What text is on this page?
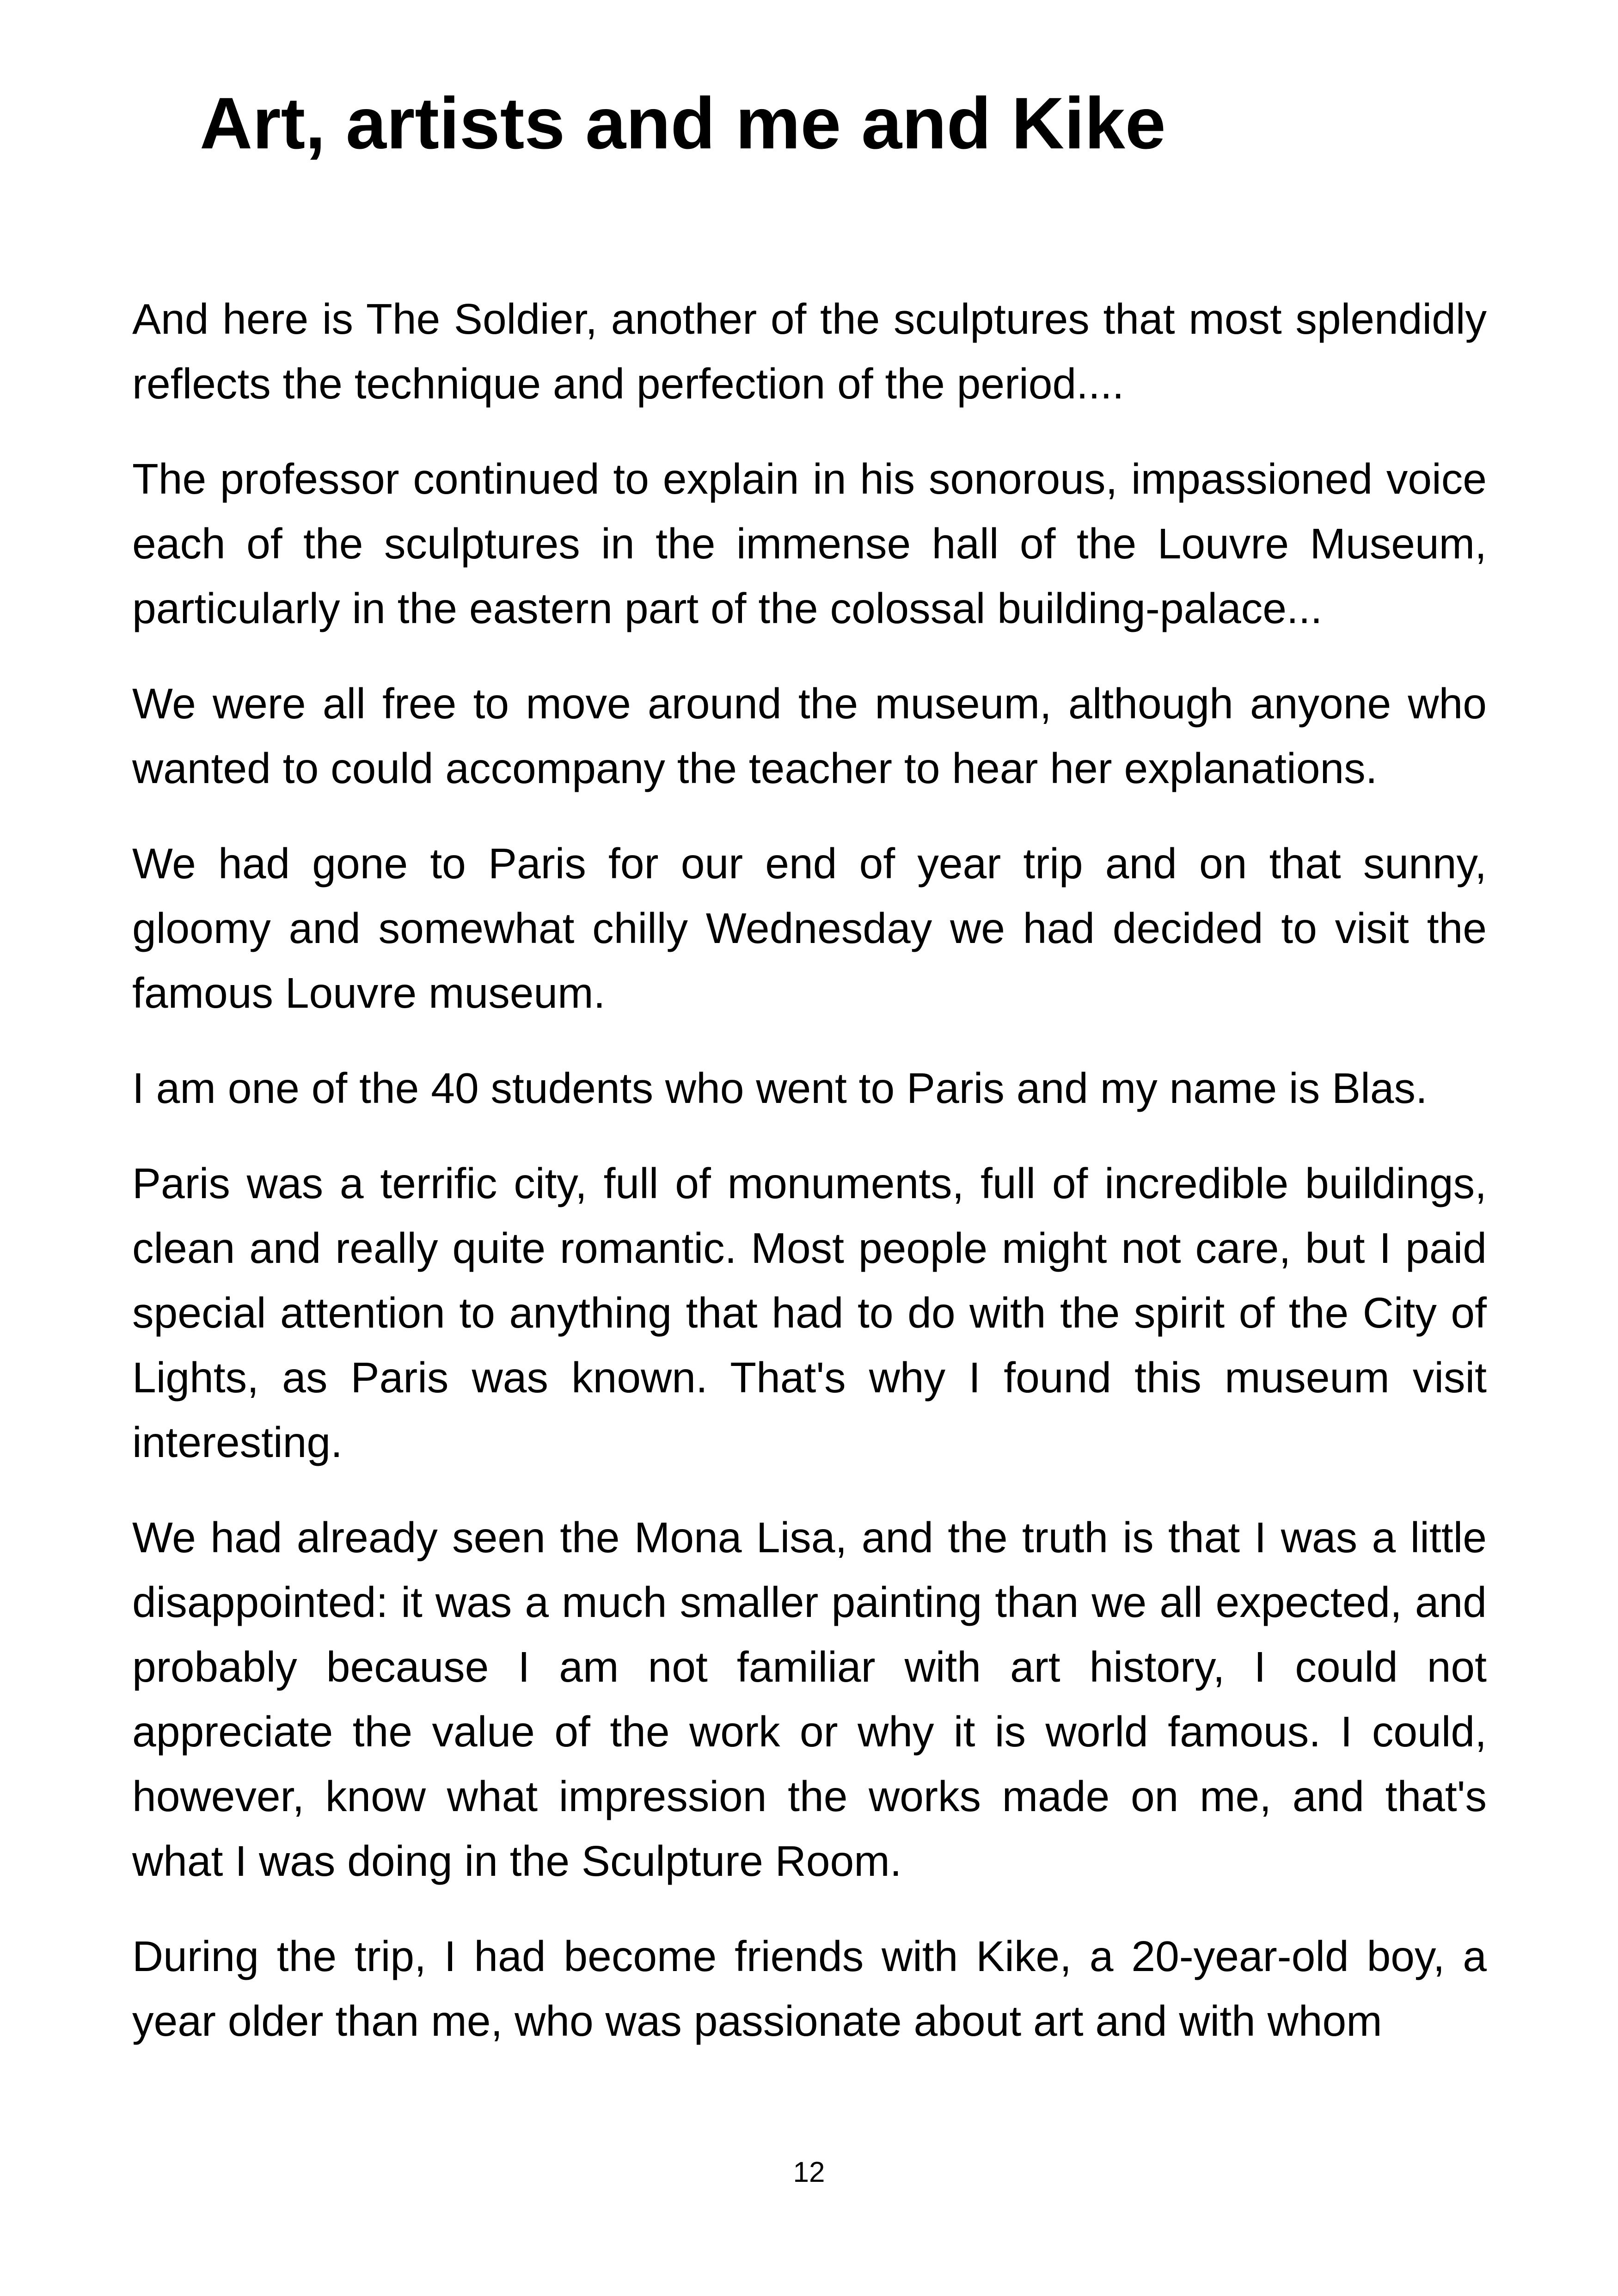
Art, artists and me and Kike

And here is The Soldier, another of the sculptures that most splendidly reflects the technique and perfection of the period....

The professor continued to explain in his sonorous, impassioned voice each of the sculptures in the immense hall of the Louvre Museum, particularly in the eastern part of the colossal building-palace...

We were all free to move around the museum, although anyone who wanted to could accompany the teacher to hear her explanations.

We had gone to Paris for our end of year trip and on that sunny, gloomy and somewhat chilly Wednesday we had decided to visit the famous Louvre museum.

I am one of the 40 students who went to Paris and my name is Blas.

Paris was a terrific city, full of monuments, full of incredible buildings, clean and really quite romantic. Most people might not care, but I paid special attention to anything that had to do with the spirit of the City of Lights, as Paris was known. That's why I found this museum visit interesting.

We had already seen the Mona Lisa, and the truth is that I was a little disappointed: it was a much smaller painting than we all expected, and probably because I am not familiar with art history, I could not appreciate the value of the work or why it is world famous. I could, however, know what impression the works made on me, and that's what I was doing in the Sculpture Room.

During the trip, I had become friends with Kike, a 20-year-old boy, a year older than me, who was passionate about art and with whom

12
